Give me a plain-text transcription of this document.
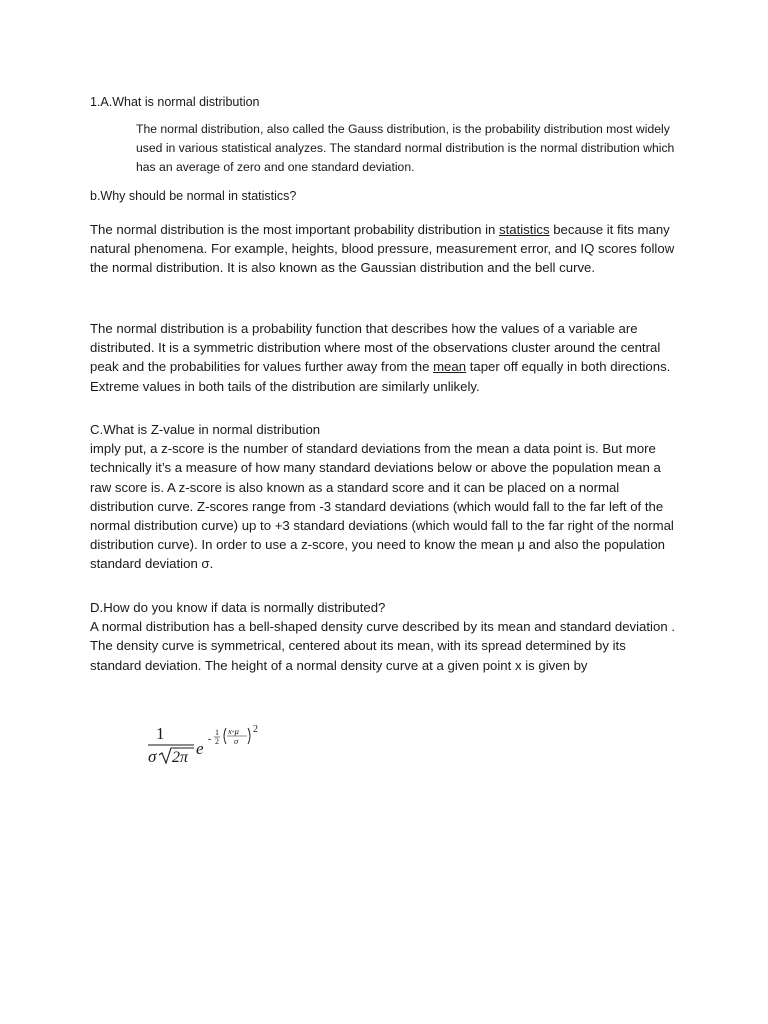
1.A.What is normal distribution

The normal distribution, also called the Gauss distribution, is the probability distribution most widely used in various statistical analyzes. The standard normal distribution is the normal distribution which has an average of zero and one standard deviation.

b.Why should be normal in statistics?

The normal distribution is the most important probability distribution in statistics because it fits many natural phenomena. For example, heights, blood pressure, measurement error, and IQ scores follow the normal distribution. It is also known as the Gaussian distribution and the bell curve.

The normal distribution is a probability function that describes how the values of a variable are distributed. It is a symmetric distribution where most of the observations cluster around the central peak and the probabilities for values further away from the mean taper off equally in both directions. Extreme values in both tails of the distribution are similarly unlikely.

C.What is Z-value in normal distribution
imply put, a z-score is the number of standard deviations from the mean a data point is. But more technically it’s a measure of how many standard deviations below or above the population mean a raw score is. A z-score is also known as a standard score and it can be placed on a normal distribution curve. Z-scores range from -3 standard deviations (which would fall to the far left of the normal distribution curve) up to +3 standard deviations (which would fall to the far right of the normal distribution curve). In order to use a z-score, you need to know the mean μ and also the population standard deviation σ.

D.How do you know if data is normally distributed?
A normal distribution has a bell-shaped density curve described by its mean and standard deviation . The density curve is symmetrical, centered about its mean, with its spread determined by its standard deviation. The height of a normal density curve at a given point x is given by

1
σ 2π e -
1
2
x-μ
σ
2
